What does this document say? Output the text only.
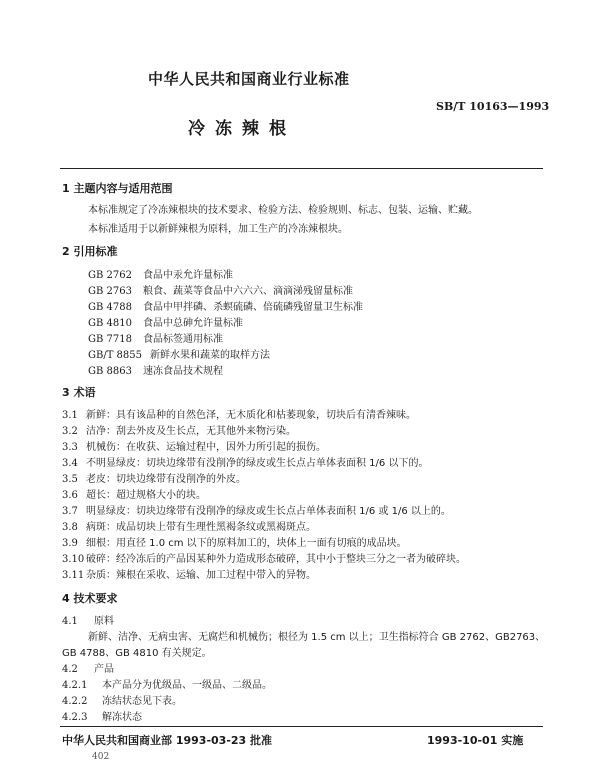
中华人民共和国商业行业标准
SB/T 10163—1993
冷冻辣根
1 主题内容与适用范围
本标准规定了冷冻辣根块的技术要求、检验方法、检验规则、标志、包装、运输、贮藏。
本标准适用于以新鲜辣根为原料，加工生产的冷冻辣根块。
2 引用标准
GB 2762 食品中汞允许量标准
GB 2763 粮食、蔬菜等食品中六六六、滴滴涕残留量标准
GB 4788 食品中甲拌磷、杀螟硫磷、倍硫磷残留量卫生标准
GB 4810 食品中总砷允许量标准
GB 7718 食品标签通用标准
GB/T 8855 新鲜水果和蔬菜的取样方法
GB 8863 速冻食品技术规程
3 术语
3.1 新鲜：具有该品种的自然色泽，无木质化和枯萎现象，切块后有清香辣味。
3.2 洁净：刮去外皮及生长点，无其他外来物污染。
3.3 机械伤：在收获、运输过程中，因外力所引起的损伤。
3.4 不明显绿皮：切块边缘带有没削净的绿皮或生长点占单体表面积 1/6 以下的。
3.5 老皮：切块边缘带有没削净的外皮。
3.6 超长：超过规格大小的块。
3.7 明显绿皮：切块边缘带有没削净的绿皮或生长点占单体表面积 1/6 或 1/6 以上的。
3.8 病斑：成品切块上带有生理性黑褐条纹或黑褐斑点。
3.9 细根：用直径 1.0 cm 以下的原料加工的，块体上一面有切痕的成品块。
3.10 破碎：经冷冻后的产品因某种外力造成形态破碎，其中小于整块三分之一者为破碎块。
3.11 杂质：辣根在采收、运输、加工过程中带入的异物。
4 技术要求
4.1 原料
新鲜、洁净、无病虫害、无腐烂和机械伤；根径为 1.5 cm 以上；卫生指标符合 GB 2762、GB2763、
GB 4788、GB 4810 有关规定。
4.2 产品
4.2.1 本产品分为优级品、一级品、二级品。
4.2.2 冻结状态见下表。
4.2.3 解冻状态
中华人民共和国商业部 1993-03-23 批准	1993-10-01 实施
402
